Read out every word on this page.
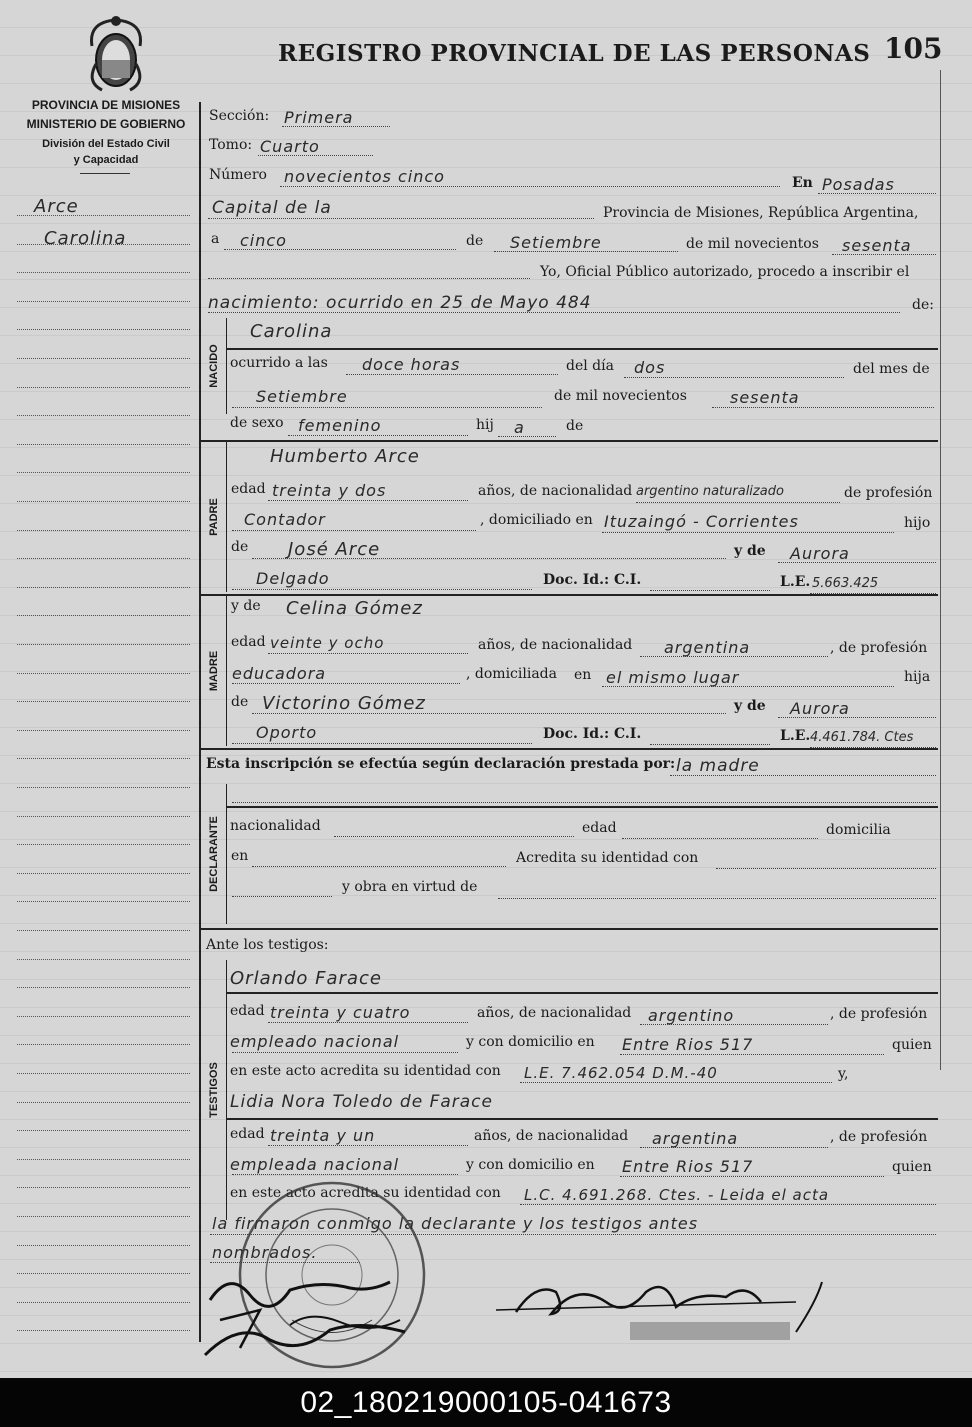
REGISTRO PROVINCIAL DE LAS PERSONAS 105
PROVINCIA DE MISIONES
MINISTERIO DE GOBIERNO
División del Estado Civil
y Capacidad
Arce
Carolina
NACIDO
PADRE
MADRE
DECLARANTE
TESTIGOS
Sección: Primera
Tomo: Cuarto
Número novecientos cinco	En Posadas
Capital de la	Provincia de Misiones, República Argentina,
a cinco	de Setiembre	de mil novecientos sesenta
Yo, Oficial Público autorizado, procedo a inscribir el
nacimiento: ocurrido en 25 de Mayo 484	de:
Carolina
ocurrido a las doce horas	del día dos	del mes de
Setiembre	de mil novecientos	sesenta
de sexo femenino	hij a	de
Humberto Arce
edad treinta y dos	años, de nacionalidad argentino naturalizado	de profesión
Contador	, domiciliado en Ituzaingó - Corrientes	hijo
de José Arce	y de Aurora
Delgado	Doc. Id.: C.I.	L.E. 5.663.425
y de Celina Gómez
edad veinte y ocho	años, de nacionalidad argentina	, de profesión
educadora	, domiciliada en el mismo lugar	hija
de Victorino Gómez	y de Aurora
Oporto	Doc. Id.: C.I.	L.E. 4.461.784. Ctes
Esta inscripción se efectúa según declaración prestada por: la madre
nacionalidad	edad	domicilia
en	Acredita su identidad con
y obra en virtud de
Ante los testigos:
Orlando Farace
edad treinta y cuatro	años, de nacionalidad argentino	, de profesión
empleado nacional	y con domicilio en Entre Rios 517	quien
en este acto acredita su identidad con L.E. 7.462.054 D.M.-40	y,
Lidia Nora Toledo de Farace
edad treinta y un	años, de nacionalidad argentina	, de profesión
empleada nacional	y con domicilio en Entre Rios 517	quien
en este acto acredita su identidad con L.C. 4.691.268. Ctes. - Leida el acta
la firmaron conmigo la declarante y los testigos antes
nombrados.
02_180219000105-041673
